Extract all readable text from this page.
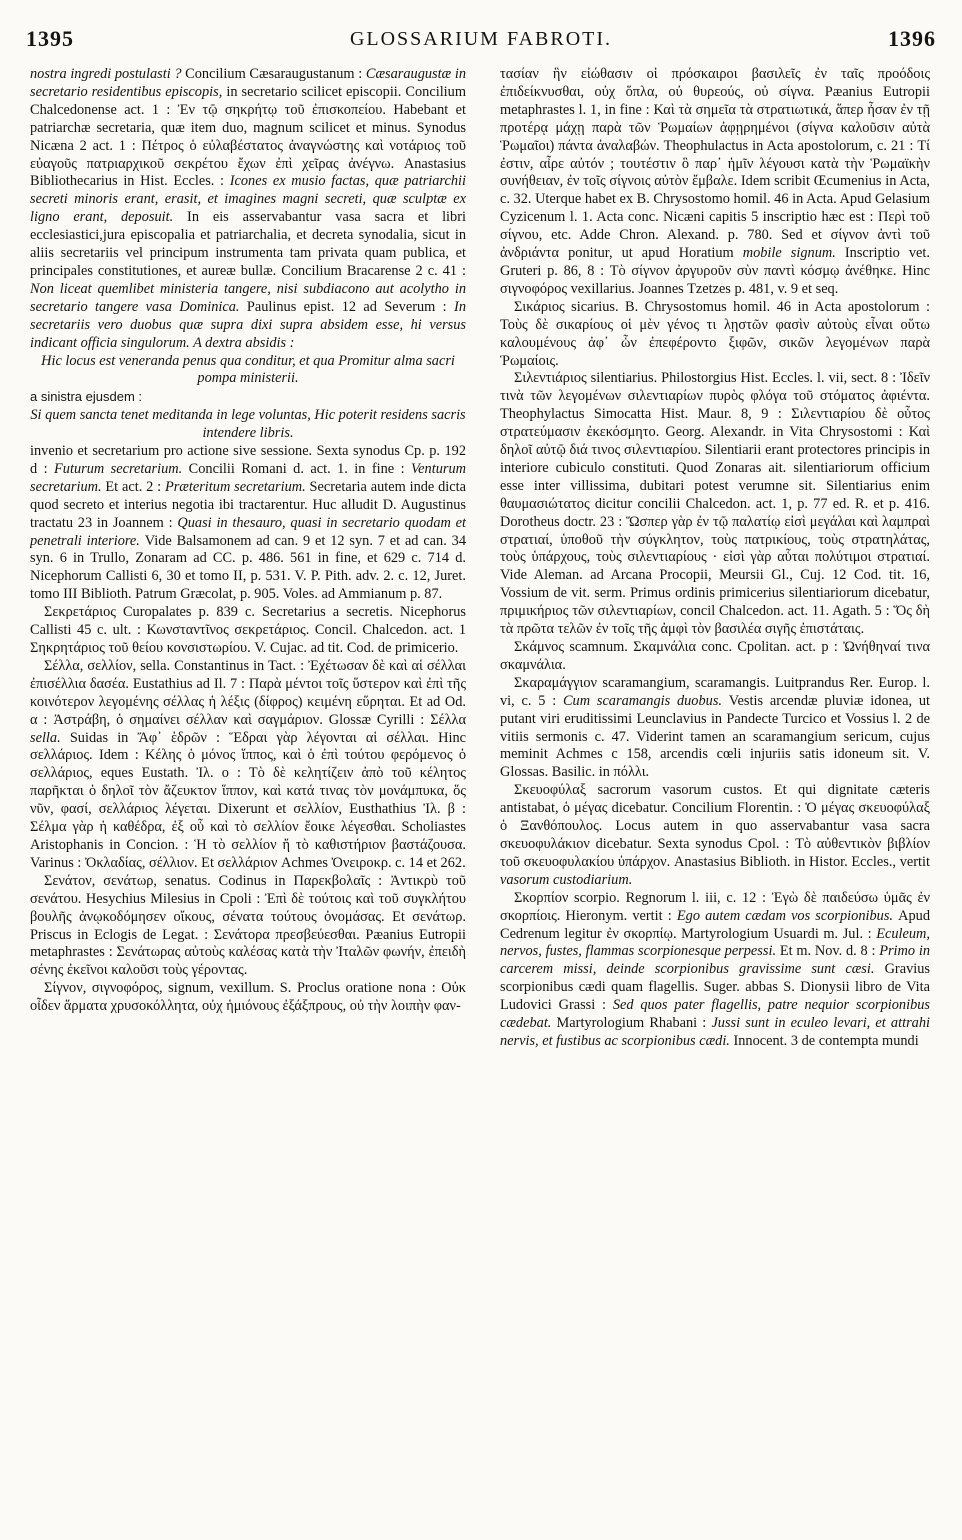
1395	GLOSSARIUM FABROTI.	1396

nostra ingredi postulasti ? Concilium Cæsaraugustanum : Cæsaraugustæ in secretario residentibus episcopis, in secretario scilicet episcopii. Concilium Chalcedonense act. 1 : Ἐν τῷ σηκρήτῳ τοῦ ἐπισκοπείου. Habebant et patriarchæ secretaria, quæ item duo, magnum scilicet et minus. Synodus Nicæna 2 act. 1 : Πέτρος ὁ εὐλαβέστατος ἀναγνώστης καὶ νοτάριος τοῦ εὐαγοῦς πατριαρχικοῦ σεκρέτου ἔχων ἐπὶ χεῖρας ἀνέγνω. Anastasius Bibliothecarius in Hist. Eccles. : Icones ex musio factas, quæ patriarchii secreti minoris erant, erasit, et imagines magni secreti, quæ sculptæ ex ligno erant, deposuit. In eis asservabantur vasa sacra et libri ecclesiastici,jura episcopalia et patriarchalia, et decreta synodalia, sicut in aliis secretariis vel principum instrumenta tam privata quam publica, et principales constitutiones, et aureæ bullæ. Concilium Bracarense 2 c. 41 : Non liceat quemlibet ministeria tangere, nisi subdiacono aut acolytho in secretario tangere vasa Dominica. Paulinus epist. 12 ad Severum : In secretariis vero duobus quæ supra dixi supra absidem esse, hi versus indicant officia singulorum. A dextra absidis :

Hic locus est veneranda penus qua conditur, et qua Promitur alma sacri pompa ministerii.

a sinistra ejusdem :

Si quem sancta tenet meditanda in lege voluntas, Hic poterit residens sacris intendere libris.

invenio et secretarium pro actione sive sessione. Sexta synodus Cp. p. 192 d : Futurum secretarium. Concilii Romani d. act. 1. in fine : Venturum secretarium. Et act. 2 : Præteritum secretarium. Secretaria autem inde dicta quod secreto et interius negotia ibi tractarentur. Huc alludit D. Augustinus tractatu 23 in Joannem : Quasi in thesauro, quasi in secretario quodam et penetrali interiore. Vide Balsamonem ad can. 9 et 12 syn. 7 et ad can. 34 syn. 6 in Trullo, Zonaram ad CC. p. 486. 561 in fine, et 629 c. 714 d. Nicephorum Callisti 6, 30 et tomo II, p. 531. V. P. Pith. adv. 2. c. 12, Juret. tomo III Biblioth. Patrum Græcolat, p. 905. Voles. ad Ammianum p. 87.

Σεκρετάριος Curopalates p. 839 c. Secretarius a secretis. Nicephorus Callisti 45 c. ult. : Κωνσταντῖνος σεκρετάριος. Concil. Chalcedon. act. 1 Σηκρητάριος τοῦ θείου κονσιστωρίου. V. Cujac. ad tit. Cod. de primicerio.

Σέλλα, σελλίον, sella. Constantinus in Tact. : Ἐχέτωσαν δὲ καὶ αἱ σέλλαι ἐπισέλλια δασέα. Eustathius ad Il. 7 : Παρὰ μέντοι τοῖς ὕστερον καὶ ἐπὶ τῆς κοινότερον λεγομένης σέλλας ἡ λέξις (δίφρος) κειμένη εὕρηται. Et ad Od. α : Ἀστράβη, ὁ σημαίνει σέλλαν καὶ σαγμάριον. Glossæ Cyrilli : Σέλλα sella. Suidas in Ἄφ᾿ ἑδρῶν : Ἕδραι γὰρ λέγονται αἱ σέλλαι. Hinc σελλάριος. Idem : Κέλης ὁ μόνος ἵππος, καὶ ὁ ἐπὶ τούτου φερόμενος ὁ σελλάριος, eques Eustath. Ἰλ. ο : Τὸ δὲ κελητίζειν ἀπὸ τοῦ κέλητος παρῆκται ὁ δηλοῖ τὸν ἄζευκτον ἵππον, καὶ κατά τινας τὸν μονάμπυκα, ὅς νῦν, φασί, σελλάριος λέγεται. Dixerunt et σελλίον, Eusthathius Ἰλ. β : Σέλμα γὰρ ἡ καθέδρα, ἐξ οὗ καὶ τὸ σελλίον ἔοικε λέγεσθαι. Scholiastes Aristophanis in Concion. : Ἡ τὸ σελλίον ἤ τὸ καθιστήριον βαστάζουσα. Varinus : Ὀκλαδίας, σέλλιον. Et σελλάριον Achmes Ὀνειροκρ. c. 14 et 262.

Σενάτον, σενάτωρ, senatus. Codinus in Παρεκβολαῖς : Ἀντικρὺ τοῦ σενάτου. Hesychius Milesius in Cpoli : Ἐπὶ δὲ τούτοις καὶ τοῦ συγκλήτου βουλῆς ἀνῳκοδόμησεν οἴκους, σένατα τούτους ὀνομάσας. Et σενάτωρ. Priscus in Eclogis de Legat. : Σενάτορα πρεσβεύεσθαι. Pæanius Eutropii metaphrastes : Σενάτωρας αὐτοὺς καλέσας κατὰ τὴν Ἰταλῶν φωνήν, ἐπειδὴ σένης ἐκεῖνοι καλοῦσι τοὺς γέροντας.

Σίγνον, σιγνοφόρος, signum, vexillum. S. Proclus oratione nona : Οὐκ οἶδεν ἅρματα χρυσοκόλλητα, οὐχ ἡμιόνους ἐξάξπρους, οὐ τὴν λοιπὴν φαν-

τασίαν ἣν εἰώθασιν οἱ πρόσκαιροι βασιλεῖς ἐν ταῖς προόδοις ἐπιδείκνυσθαι, οὐχ ὅπλα, οὐ θυρεούς, οὐ σίγνα. Pæanius Eutropii metaphrastes l. 1, in fine : Καὶ τὰ σημεῖα τὰ στρατιωτικά, ἅπερ ἦσαν ἐν τῇ προτέρᾳ μάχῃ παρὰ τῶν Ῥωμαίων ἀφῃρημένοι (σίγνα καλοῦσιν αὐτὰ Ῥωμαῖοι) πάντα ἀναλαβών. Theophulactus in Acta apostolorum, c. 21 : Τί ἐστιν, αἶρε αὐτόν ; τουτέστιν ὃ παρ᾿ ἡμῖν λέγουσι κατὰ τὴν Ῥωμαϊκὴν συνήθειαν, ἐν τοῖς σίγνοις αὐτὸν ἔμβαλε. Idem scribit Œcumenius in Acta, c. 32. Uterque habet ex B. Chrysostomo homil. 46 in Acta. Apud Gelasium Cyzicenum l. 1. Acta conc. Nicæni capitis 5 inscriptio hæc est : Περὶ τοῦ σίγνου, etc. Adde Chron. Alexand. p. 780. Sed et σίγνον ἀντὶ τοῦ ἀνδριάντα ponitur, ut apud Horatium mobile signum. Inscriptio vet. Gruteri p. 86, 8 : Τὸ σίγνον ἀργυροῦν σὺν παντὶ κόσμῳ ἀνέθηκε. Hinc σιγνοφόρος vexillarius. Joannes Tzetzes p. 481, v. 9 et seq.

Σικάριος sicarius. B. Chrysostomus homil. 46 in Acta apostolorum : Τοὺς δὲ σικαρίους οἱ μὲν γένος τι λῃστῶν φασὶν αὐτοὺς εἶναι οὕτω καλουμένους ἀφ᾿ ὧν ἐπεφέροντο ξιφῶν, σικῶν λεγομένων παρὰ Ῥωμαίοις.

Σιλεντιάριος silentiarius. Philostorgius Hist. Eccles. l. vii, sect. 8 : Ἰδεῖν τινὰ τῶν λεγομένων σιλεντιαρίων πυρὸς φλόγα τοῦ στόματος ἀφιέντα. Theophylactus Simocatta Hist. Maur. 8, 9 : Σιλεντιαρίου δὲ οὗτος στρατεύμασιν ἐκεκόσμητο. Georg. Alexandr. in Vita Chrysostomi : Καὶ δηλοῖ αὐτῷ διά τινος σιλεντιαρίου. Silentiarii erant protectores principis in interiore cubiculo constituti. Quod Zonaras ait. silentiariorum officium esse inter villissima, dubitari potest verumne sit. Silentiarius enim θαυμασιώτατος dicitur concilii Chalcedon. act. 1, p. 77 ed. R. et p. 416. Dorotheus doctr. 23 : Ὥσπερ γὰρ ἐν τῷ παλατίῳ εἰσὶ μεγάλαι καὶ λαμπραὶ στρατιαί, ὑποθοῦ τὴν σύγκλητον, τοὺς πατρικίους, τοὺς στρατηλάτας, τοὺς ὑπάρχους, τοὺς σιλεντιαρίους · εἰσὶ γὰρ αὗται πολύτιμοι στρατιαί. Vide Aleman. ad Arcana Procopii, Meursii Gl., Cuj. 12 Cod. tit. 16, Vossium de vit. serm. Primus ordinis primicerius silentiariorum dicebatur, πριμικήριος τῶν σιλεντιαρίων, concil Chalcedon. act. 11. Agath. 5 : Ὅς δὴ τὰ πρῶτα τελῶν ἐν τοῖς τῆς ἀμφὶ τὸν βασιλέα σιγῆς ἐπιστάταις.

Σκάμνος scamnum. Σκαμνάλια conc. Cpolitan. act. p : Ὠνήθηναί τινα σκαμνάλια.

Σκαραμάγγιον scaramangium, scaramangis. Luitprandus Rer. Europ. l. vi, c. 5 : Cum scaramangis duobus. Vestis arcendæ pluviæ idonea, ut putant viri eruditissimi Leunclavius in Pandecte Turcico et Vossius l. 2 de vitiis sermonis c. 47. Viderint tamen an scaramangium sericum, cujus meminit Achmes c 158, arcendis cœli injuriis satis idoneum sit. V. Glossas. Basilic. in πόλλι.

Σκευοφύλαξ sacrorum vasorum custos. Et qui dignitate cæteris antistabat, ὁ μέγας dicebatur. Concilium Florentin. : Ὁ μέγας σκευοφύλαξ ὁ Ξανθόπουλος. Locus autem in quo asservabantur vasa sacra σκευοφυλάκιον dicebatur. Sexta synodus Cpol. : Τὸ αὐθεντικὸν βιβλίον τοῦ σκευοφυλακίου ὑπάρχον. Anastasius Biblioth. in Histor. Eccles., vertit vasorum custodiarium.

Σκορπίον scorpio. Regnorum l. iii, c. 12 : Ἐγὼ δὲ παιδεύσω ὑμᾶς ἐν σκορπίοις. Hieronym. vertit : Ego autem cædam vos scorpionibus. Apud Cedrenum legitur ἐν σκορπίῳ. Martyrologium Usuardi m. Jul. : Eculeum, nervos, fustes, flammas scorpionesque perpessi. Et m. Nov. d. 8 : Primo in carcerem missi, deinde scorpionibus gravissime sunt cæsi. Gravius scorpionibus cædi quam flagellis. Suger. abbas S. Dionysii libro de Vita Ludovici Grassi : Sed quos pater flagellis, patre nequior scorpionibus cædebat. Martyrologium Rhabani : Jussi sunt in eculeo levari, et attrahi nervis, et fustibus ac scorpionibus cædi. Innocent. 3 de contempta mundi
